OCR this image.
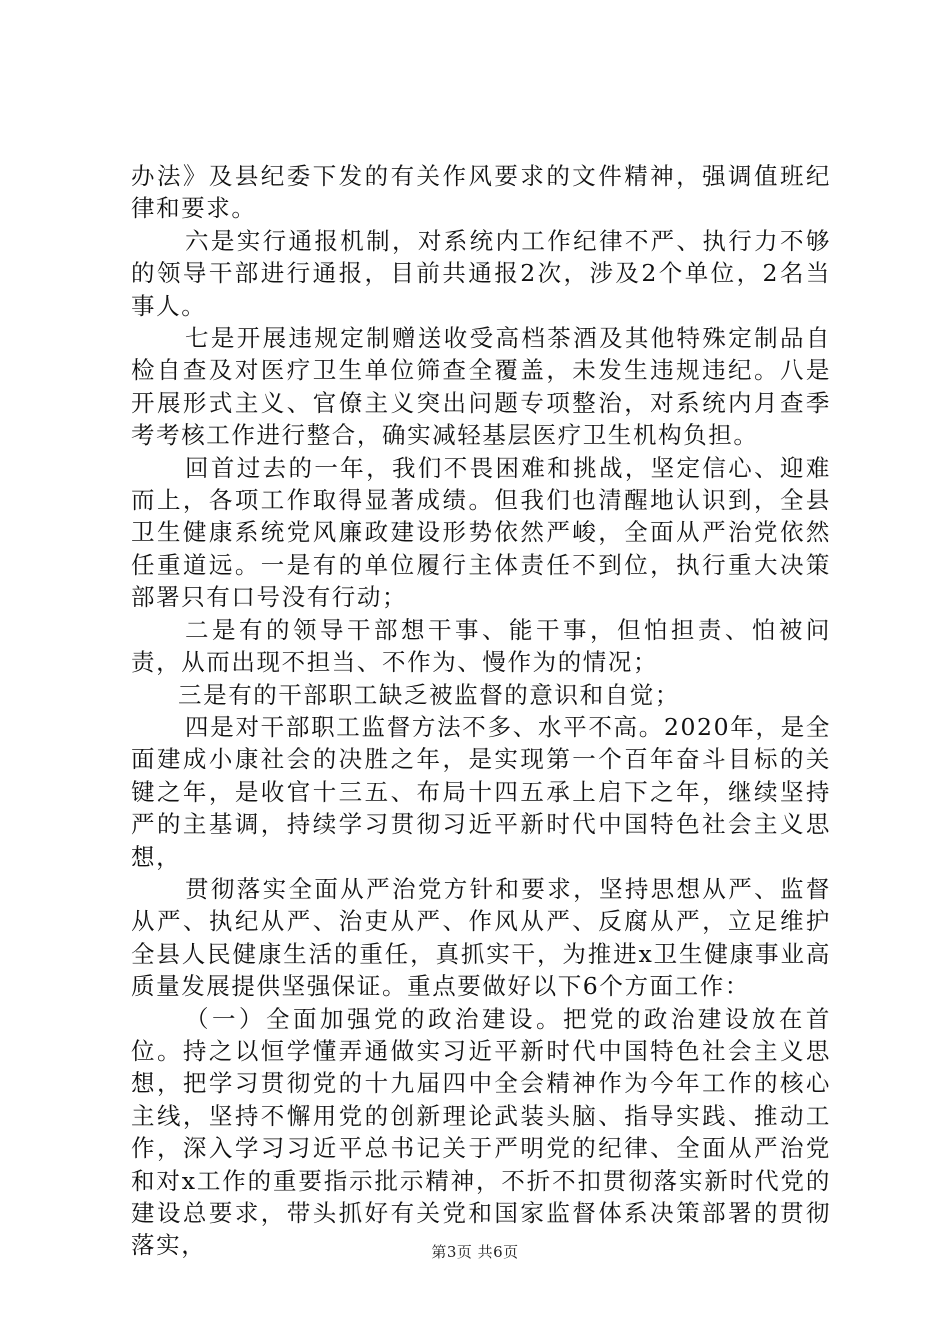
办法》及县纪委下发的有关作风要求的文件精神，强调值班纪律和要求。

六是实行通报机制，对系统内工作纪律不严、执行力不够的领导干部进行通报，目前共通报2次，涉及2个单位，2名当事人。

七是开展违规定制赠送收受高档茶酒及其他特殊定制品自检自查及对医疗卫生单位筛查全覆盖，未发生违规违纪。八是开展形式主义、官僚主义突出问题专项整治，对系统内月查季考考核工作进行整合，确实减轻基层医疗卫生机构负担。

回首过去的一年，我们不畏困难和挑战，坚定信心、迎难而上，各项工作取得显著成绩。但我们也清醒地认识到，全县卫生健康系统党风廉政建设形势依然严峻，全面从严治党依然任重道远。一是有的单位履行主体责任不到位，执行重大决策部署只有口号没有行动；

二是有的领导干部想干事、能干事，但怕担责、怕被问责，从而出现不担当、不作为、慢作为的情况；

三是有的干部职工缺乏被监督的意识和自觉；

四是对干部职工监督方法不多、水平不高。2020年，是全面建成小康社会的决胜之年，是实现第一个百年奋斗目标的关键之年，是收官十三五、布局十四五承上启下之年，继续坚持严的主基调，持续学习贯彻习近平新时代中国特色社会主义思想，

贯彻落实全面从严治党方针和要求，坚持思想从严、监督从严、执纪从严、治吏从严、作风从严、反腐从严，立足维护全县人民健康生活的重任，真抓实干，为推进x卫生健康事业高质量发展提供坚强保证。重点要做好以下6个方面工作：

（一）全面加强党的政治建设。把党的政治建设放在首位。持之以恒学懂弄通做实习近平新时代中国特色社会主义思想，把学习贯彻党的十九届四中全会精神作为今年工作的核心主线，坚持不懈用党的创新理论武装头脑、指导实践、推动工作，深入学习习近平总书记关于严明党的纪律、全面从严治党和对x工作的重要指示批示精神，不折不扣贯彻落实新时代党的建设总要求，带头抓好有关党和国家监督体系决策部署的贯彻落实，	第3页 共6页
